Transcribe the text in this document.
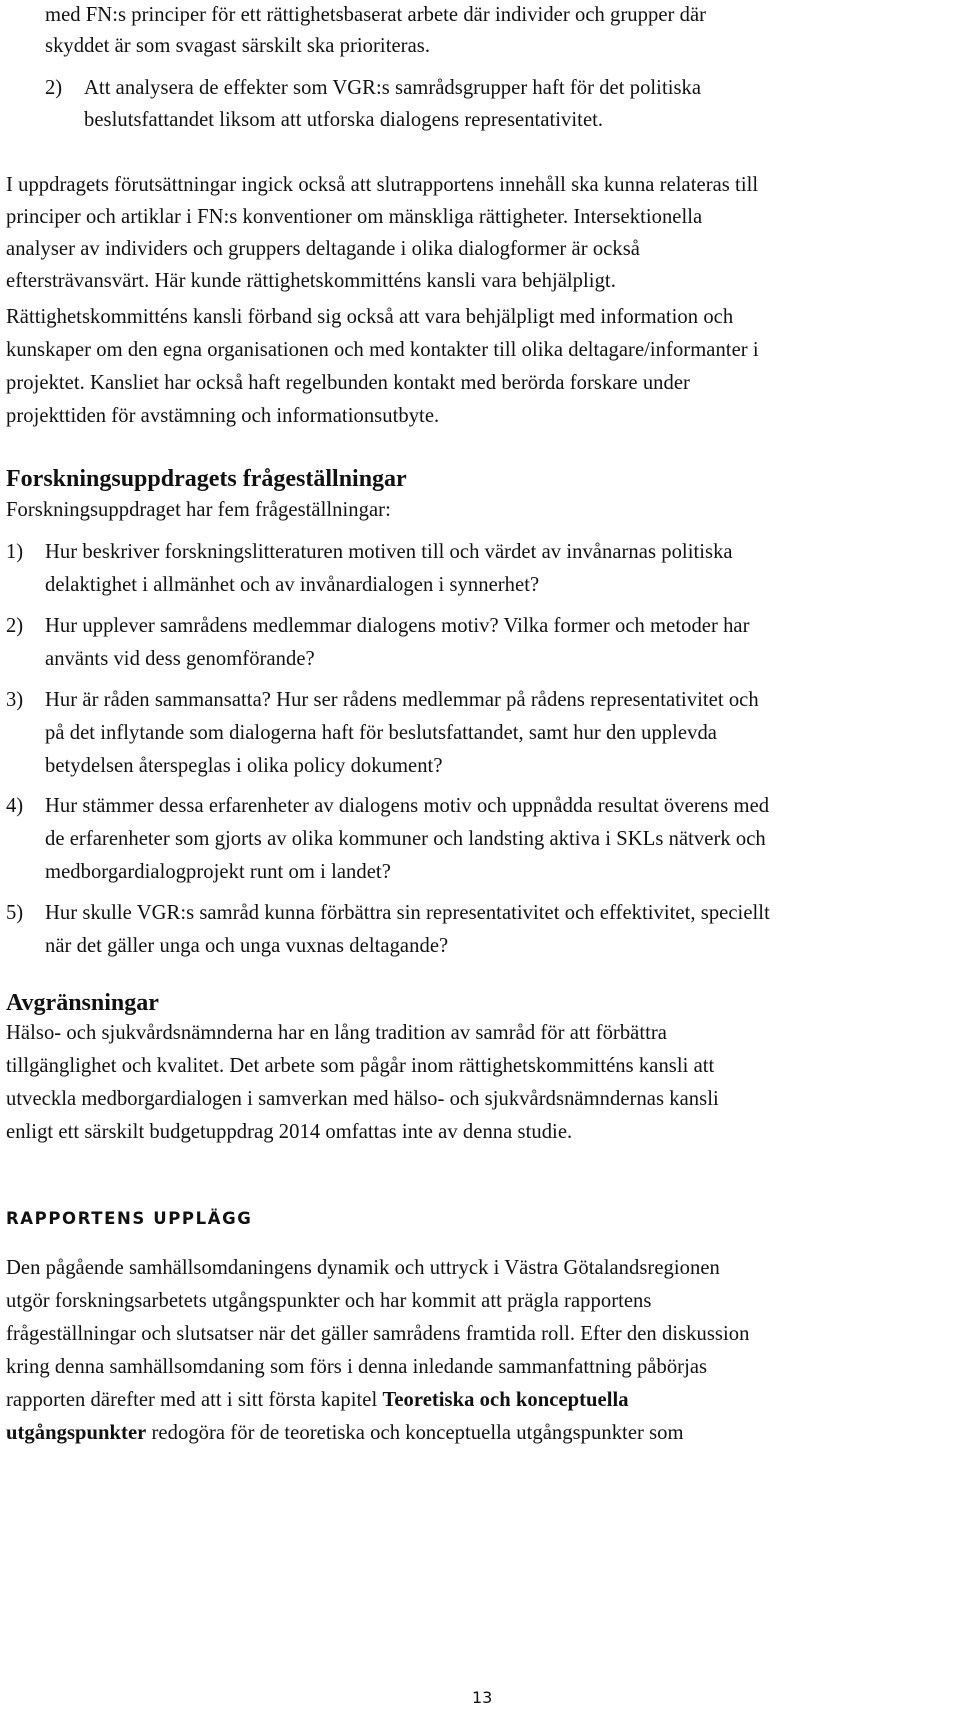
med FN:s principer för ett rättighetsbaserat arbete där individer och grupper där
skyddet är som svagast särskilt ska prioriteras.
2) Att analysera de effekter som VGR:s samrådsgrupper haft för det politiska
beslutsfattandet liksom att utforska dialogens representativitet.
I uppdragets förutsättningar ingick också att slutrapportens innehåll ska kunna relateras till
principer och artiklar i FN:s konventioner om mänskliga rättigheter. Intersektionella
analyser av individers och gruppers deltagande i olika dialogformer är också
eftersträvansvärt. Här kunde rättighetskommitténs kansli vara behjälpligt.
Rättighetskommitténs kansli förband sig också att vara behjälpligt med information och
kunskaper om den egna organisationen och med kontakter till olika deltagare/informanter i
projektet. Kansliet har också haft regelbunden kontakt med berörda forskare under
projekttiden för avstämning och informationsutbyte.
Forskningsuppdragets frågeställningar
Forskningsuppdraget har fem frågeställningar:
1) Hur beskriver forskningslitteraturen motiven till och värdet av invånarnas politiska
delaktighet i allmänhet och av invånardialogen i synnerhet?
2) Hur upplever samrådens medlemmar dialogens motiv? Vilka former och metoder har
använts vid dess genomförande?
3) Hur är råden sammansatta? Hur ser rådens medlemmar på rådens representativitet och
på det inflytande som dialogerna haft för beslutsfattandet, samt hur den upplevda
betydelsen återspeglas i olika policy dokument?
4) Hur stämmer dessa erfarenheter av dialogens motiv och uppnådda resultat överens med
de erfarenheter som gjorts av olika kommuner och landsting aktiva i SKLs nätverk och
medborgardialogprojekt runt om i landet?
5) Hur skulle VGR:s samråd kunna förbättra sin representativitet och effektivitet, speciellt
när det gäller unga och unga vuxnas deltagande?
Avgränsningar
Hälso- och sjukvårdsnämnderna har en lång tradition av samråd för att förbättra
tillgänglighet och kvalitet. Det arbete som pågår inom rättighetskommitténs kansli att
utveckla medborgardialogen i samverkan med hälso- och sjukvårdsnämndernas kansli
enligt ett särskilt budgetuppdrag 2014 omfattas inte av denna studie.
RAPPORTENS UPPLÄGG
Den pågående samhällsomdaningens dynamik och uttryck i Västra Götalandsregionen
utgör forskningsarbetets utgångspunkter och har kommit att prägla rapportens
frågeställningar och slutsatser när det gäller samrådens framtida roll. Efter den diskussion
kring denna samhällsomdaning som förs i denna inledande sammanfattning påbörjas
rapporten därefter med att i sitt första kapitel Teoretiska och konceptuella
utgångspunkter redogöra för de teoretiska och konceptuella utgångspunkter som
13
